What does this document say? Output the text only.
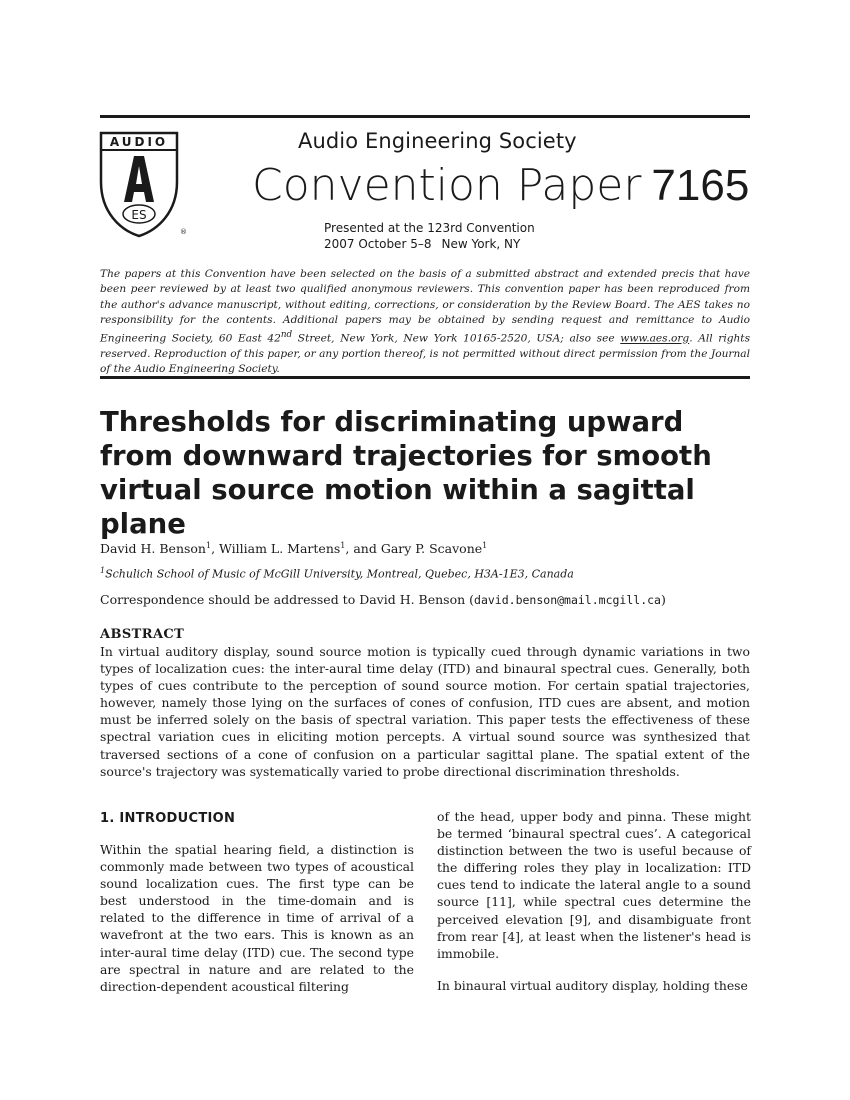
AUDIO
ES
®
Audio Engineering Society
Convention Paper 7165
Presented at the 123rd Convention
2007 October 5–8 New York, NY
The papers at this Convention have been selected on the basis of a submitted abstract and extended precis that have been peer reviewed by at least two qualified anonymous reviewers. This convention paper has been reproduced from the author's advance manuscript, without editing, corrections, or consideration by the Review Board. The AES takes no responsibility for the contents. Additional papers may be obtained by sending request and remittance to Audio Engineering Society, 60 East 42nd Street, New York, New York 10165-2520, USA; also see www.aes.org. All rights reserved. Reproduction of this paper, or any portion thereof, is not permitted without direct permission from the Journal of the Audio Engineering Society.
Thresholds for discriminating upward from downward trajectories for smooth virtual source motion within a sagittal plane
David H. Benson$^1$, William L. Martens$^1$, and Gary P. Scavone$^1$
$^1$Schulich School of Music of McGill University, Montreal, Quebec, H3A-1E3, Canada
Correspondence should be addressed to David H. Benson (david.benson@mail.mcgill.ca)
ABSTRACT
In virtual auditory display, sound source motion is typically cued through dynamic variations in two types of localization cues: the inter-aural time delay (ITD) and binaural spectral cues. Generally, both types of cues contribute to the perception of sound source motion. For certain spatial trajectories, however, namely those lying on the surfaces of cones of confusion, ITD cues are absent, and motion must be inferred solely on the basis of spectral variation. This paper tests the effectiveness of these spectral variation cues in eliciting motion percepts. A virtual sound source was synthesized that traversed sections of a cone of confusion on a particular sagittal plane. The spatial extent of the source's trajectory was systematically varied to probe directional discrimination thresholds.
1. INTRODUCTION
Within the spatial hearing field, a distinction is commonly made between two types of acoustical sound localization cues. The first type can be best understood in the time-domain and is related to the difference in time of arrival of a wavefront at the two ears. This is known as an inter-aural time delay (ITD) cue. The second type are spectral in nature and are related to the direction-dependent acoustical filtering

of the head, upper body and pinna. These might be termed ‘binaural spectral cues’. A categorical distinction between the two is useful because of the differing roles they play in localization: ITD cues tend to indicate the lateral angle to a sound source [11], while spectral cues determine the perceived elevation [9], and disambiguate front from rear [4], at least when the listener's head is immobile.

In binaural virtual auditory display, holding these
